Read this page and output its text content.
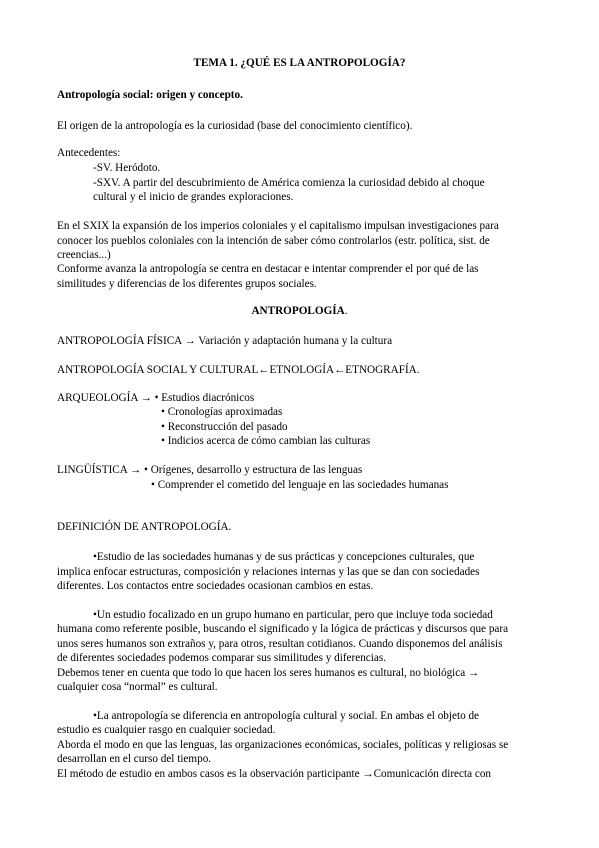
TEMA 1. ¿QUÉ ES LA ANTROPOLOGÍA?
Antropología social: origen y concepto.
El origen de la antropología es la curiosidad (base del conocimiento científico).
Antecedentes:
-SV. Heródoto.
-SXV. A partir del descubrimiento de América comienza la curiosidad debido al choque
cultural y el inicio de grandes exploraciones.
En el SXIX la expansión de los imperios coloniales y el capitalismo impulsan investigaciones para
conocer los pueblos coloniales con la intención de saber cómo controlarlos (estr. política, sist. de
creencias...)
Conforme avanza la antropología se centra en destacar e intentar comprender el por qué de las
similitudes y diferencias de los diferentes grupos sociales.
ANTROPOLOGÍA.
ANTROPOLOGÍA FÍSICA → Variación y adaptación humana y la cultura
ANTROPOLOGÍA SOCIAL Y CULTURAL←ETNOLOGÍA←ETNOGRAFÍA.
ARQUEOLOGÍA → • Estudios diacrónicos
• Cronologías aproximadas
• Reconstrucción del pasado
• Indicios acerca de cómo cambian las culturas
LINGÜÍSTICA → • Orígenes, desarrollo y estructura de las lenguas
• Comprender el cometido del lenguaje en las sociedades humanas
DEFINICIÓN DE ANTROPOLOGÍA.
•Estudio de las sociedades humanas y de sus prácticas y concepciones culturales, que
implica enfocar estructuras, composición y relaciones internas y las que se dan con sociedades
diferentes. Los contactos entre sociedades ocasionan cambios en estas.
•Un estudio focalizado en un grupo humano en particular, pero que incluye toda sociedad
humana como referente posible, buscando el significado y la lógica de prácticas y discursos que para
unos seres humanos son extraños y, para otros, resultan cotidianos. Cuando disponemos del análisis
de diferentes sociedades podemos comparar sus similitudes y diferencias.
Debemos tener en cuenta que todo lo que hacen los seres humanos es cultural, no biológica →
cualquier cosa “normal” es cultural.
•La antropología se diferencia en antropología cultural y social. En ambas el objeto de
estudio es cualquier rasgo en cualquier sociedad.
Aborda el modo en que las lenguas, las organizaciones económicas, sociales, políticas y religiosas se
desarrollan en el curso del tiempo.
El método de estudio en ambos casos es la observación participante →Comunicación directa con
